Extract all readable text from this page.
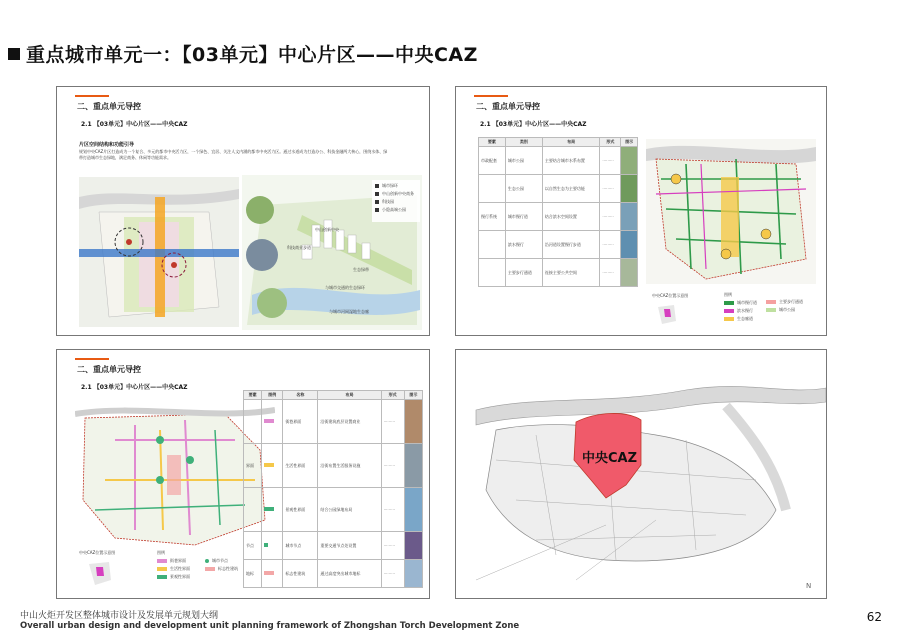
重点城市单元一：【03单元】中心片区——中央CAZ
二、重点单元导控
2.1 【03单元】中心片区——中央CAZ
片区空间结构和功能引导
规划中央CAZ片区打造成为一个复合、多元的都市中央活力区，一个绿色、宜居、关注人文内涵的都市中央活力区。通过水道成为打造办公、科技金融两大核心，围绕水体、绿带打造城市生态绿地，满足商务、休闲等功能需求。
城市绿环
中山创新中央商务
科技园
小隐高端公园
中山创新中央
科技商业步道
生态绿带
与城市交通的生态绿环
与城市河网湿地生态廊
二、重点单元导控
2.1 【03单元】中心片区——中央CAZ
要素	类别	布局	形式	图示
市政配套	城市公园	主要结合城市水系布置	·········	
	生态公园	以自然生态为主要功能	·········	
慢行系统	城市慢行道	结合滨水空间设置	·········	
	滨水慢行	沿河道设置慢行步道	·········	
	主要步行通道	连接主要公共空间	·········	
图例
城市慢行道
滨水慢行
生态廊道
主要步行通道
城市公园
中央CAZ位置示意图
二、重点单元导控
2.1 【03单元】中心片区——中央CAZ
中央CAZ位置示意图	图例
街巷界面
生活性界面
景观性界面
城市节点
标志性建筑
要素	图例	名称	布局	形式	图示
		街巷界面	沿街建筑底层设置商业	·········	
界面		生活性界面	沿街布置生活服务设施	·········	
		景观性界面	结合公园绿地布局	·········	
节点		城市节点	重要交通节点处设置	·········	
地标		标志性建筑	通过高度突出城市地标	·········	
N
中央CAZ
中山火炬开发区整体城市设计及发展单元规划大纲
Overall urban design and development unit planning framework of Zhongshan Torch Development Zone
62
